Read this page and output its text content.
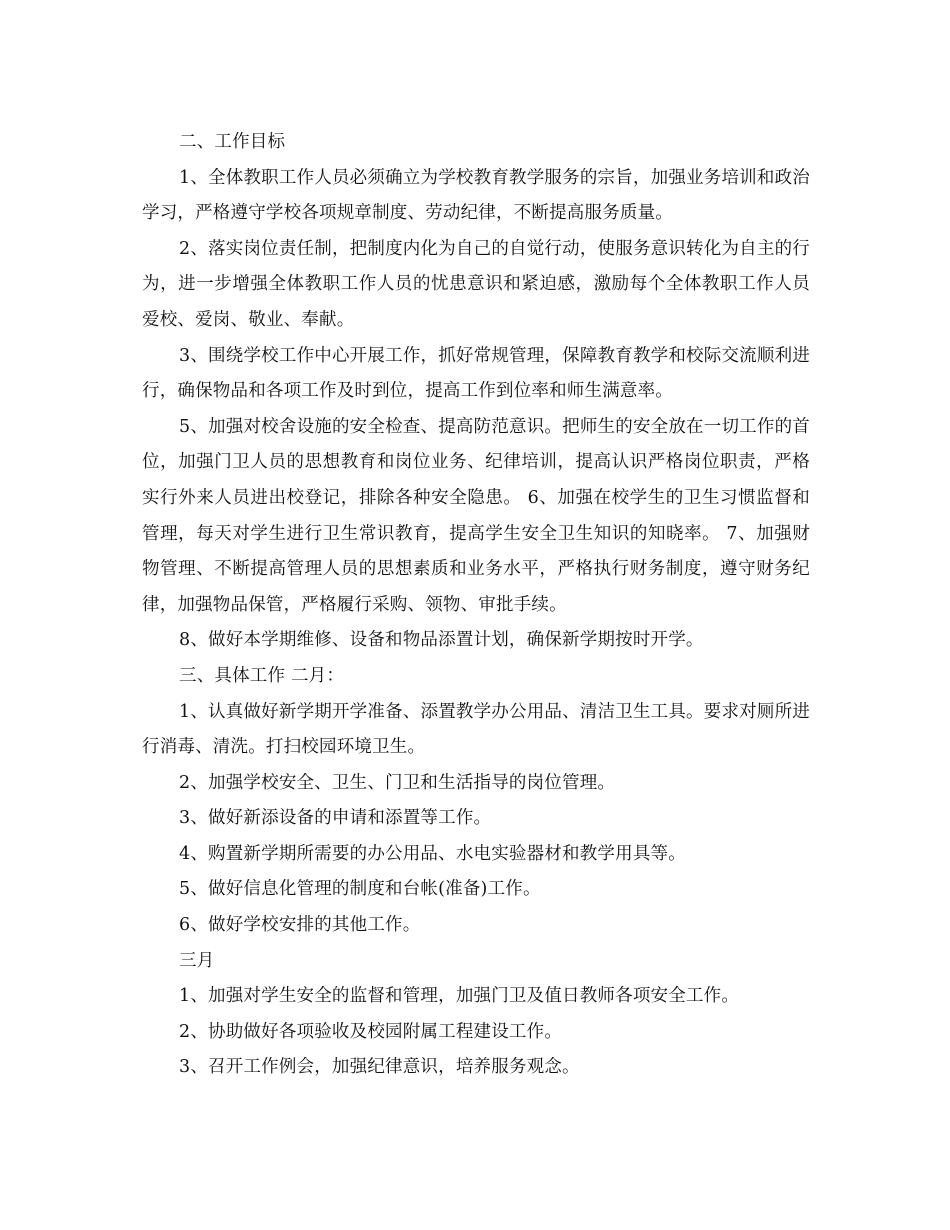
二、工作目标

1、全体教职工作人员必须确立为学校教育教学服务的宗旨，加强业务培训和政治学习，严格遵守学校各项规章制度、劳动纪律，不断提高服务质量。

2、落实岗位责任制，把制度内化为自己的自觉行动，使服务意识转化为自主的行为，进一步增强全体教职工作人员的忧患意识和紧迫感，激励每个全体教职工作人员爱校、爱岗、敬业、奉献。

3、围绕学校工作中心开展工作，抓好常规管理，保障教育教学和校际交流顺利进行，确保物品和各项工作及时到位，提高工作到位率和师生满意率。

5、加强对校舍设施的安全检查、提高防范意识。把师生的安全放在一切工作的首位，加强门卫人员的思想教育和岗位业务、纪律培训，提高认识严格岗位职责，严格实行外来人员进出校登记，排除各种安全隐患。 6、加强在校学生的卫生习惯监督和管理，每天对学生进行卫生常识教育，提高学生安全卫生知识的知晓率。 7、加强财物管理、不断提高管理人员的思想素质和业务水平，严格执行财务制度，遵守财务纪律，加强物品保管，严格履行采购、领物、审批手续。

8、做好本学期维修、设备和物品添置计划，确保新学期按时开学。

三、具体工作 二月：

1、认真做好新学期开学准备、添置教学办公用品、清洁卫生工具。要求对厕所进行消毒、清洗。打扫校园环境卫生。

2、加强学校安全、卫生、门卫和生活指导的岗位管理。

3、做好新添设备的申请和添置等工作。

4、购置新学期所需要的办公用品、水电实验器材和教学用具等。

5、做好信息化管理的制度和台帐(准备)工作。

6、做好学校安排的其他工作。

三月

1、加强对学生安全的监督和管理，加强门卫及值日教师各项安全工作。

2、协助做好各项验收及校园附属工程建设工作。

3、召开工作例会，加强纪律意识，培养服务观念。
